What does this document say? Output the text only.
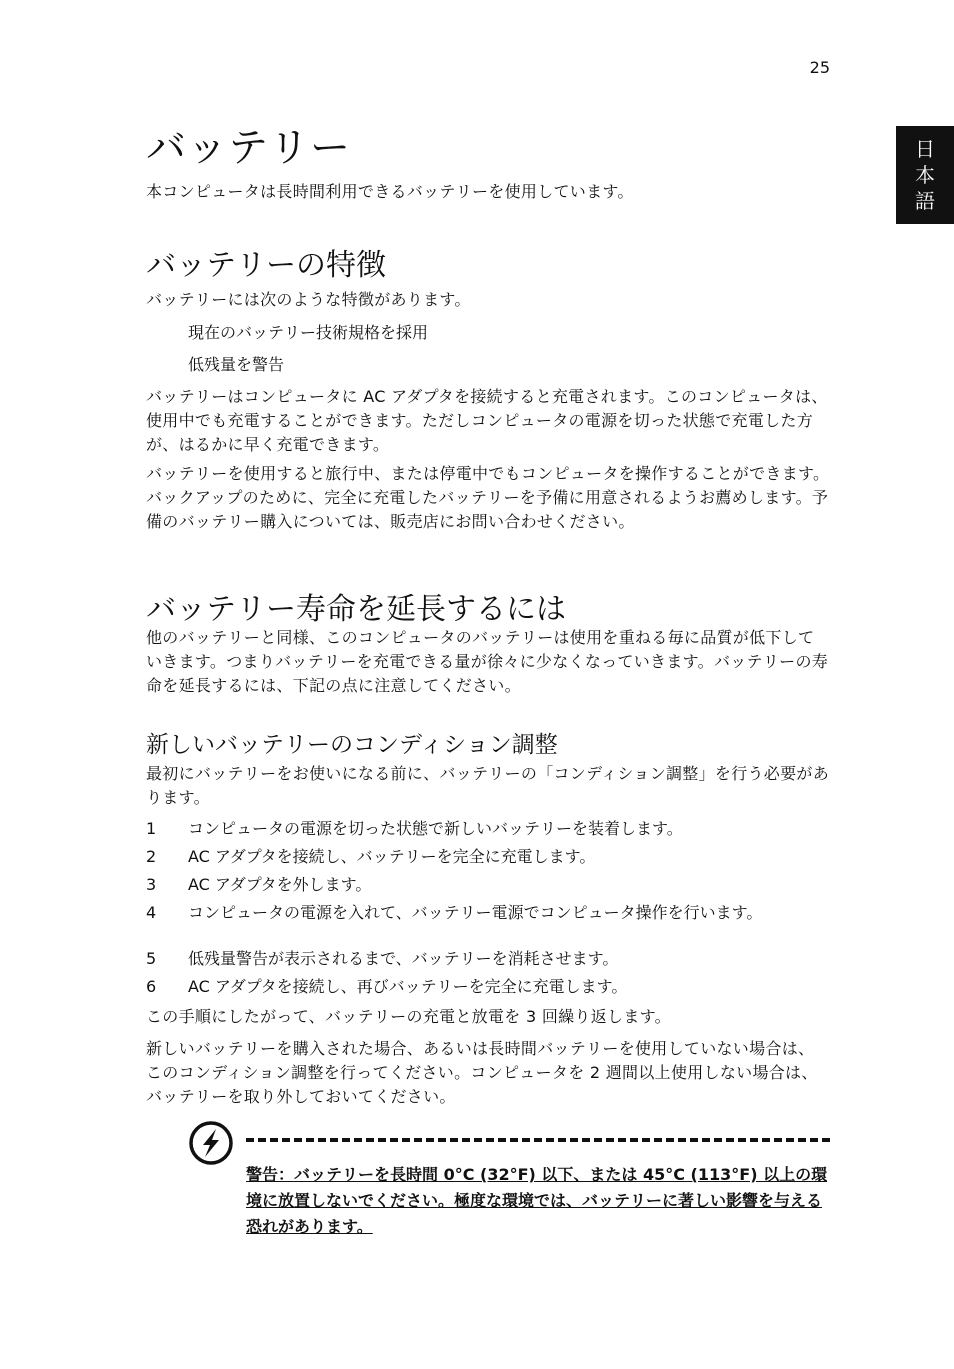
25
日
本
語
バッテリー
本コンピュータは長時間利用できるバッテリーを使用しています。
バッテリーの特徴
バッテリーには次のような特徴があります。
現在のバッテリー技術規格を採用
低残量を警告
バッテリーはコンピュータに AC アダプタを接続すると充電されます。このコンピュータは、使用中でも充電することができます。ただしコンピュータの電源を切った状態で充電した方が、はるかに早く充電できます。
バッテリーを使用すると旅行中、または停電中でもコンピュータを操作することができます。バックアップのために、完全に充電したバッテリーを予備に用意されるようお薦めします。予備のバッテリー購入については、販売店にお問い合わせください。
バッテリー寿命を延長するには
他のバッテリーと同様、このコンピュータのバッテリーは使用を重ねる毎に品質が低下していきます。つまりバッテリーを充電できる量が徐々に少なくなっていきます。バッテリーの寿命を延長するには、下記の点に注意してください。
新しいバッテリーのコンディション調整
最初にバッテリーをお使いになる前に、バッテリーの「コンディション調整」を行う必要があります。
1	コンピュータの電源を切った状態で新しいバッテリーを装着します。
2	AC アダプタを接続し、バッテリーを完全に充電します。
3	AC アダプタを外します。
4	コンピュータの電源を入れて、バッテリー電源でコンピュータ操作を行います。
5	低残量警告が表示されるまで、バッテリーを消耗させます。
6	AC アダプタを接続し、再びバッテリーを完全に充電します。
この手順にしたがって、バッテリーの充電と放電を 3 回繰り返します。
新しいバッテリーを購入された場合、あるいは長時間バッテリーを使用していない場合は、このコンディション調整を行ってください。コンピュータを 2 週間以上使用しない場合は、バッテリーを取り外しておいてください。
警告：バッテリーを長時間 0°C (32°F) 以下、または 45°C (113°F) 以上の環境に放置しないでください。極度な環境では、バッテリーに著しい影響を与える恐れがあります。
